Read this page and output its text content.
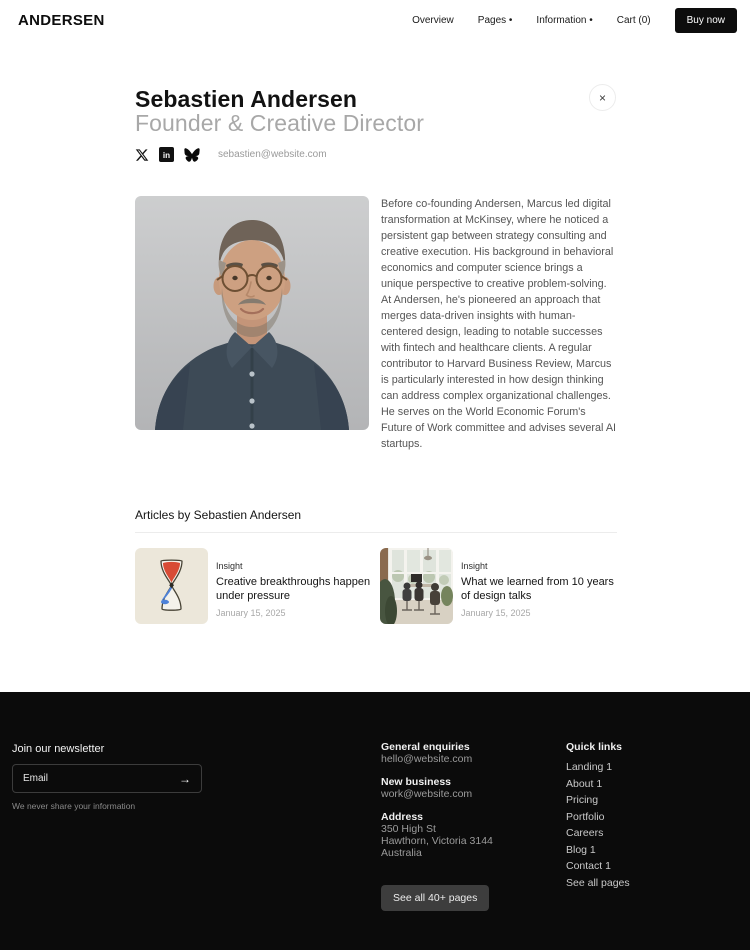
ANDERSEN	Overview Pages • Information • Cart (0)	Buy now
Sebastien Andersen
Founder & Creative Director
×
in	sebastien@website.com

Before co-founding Andersen, Marcus led digital transformation at McKinsey, where he noticed a persistent gap between strategy consulting and creative execution. His background in behavioral economics and computer science brings a unique perspective to creative problem-solving. At Andersen, he's pioneered an approach that merges data-driven insights with human-centered design, leading to notable successes with fintech and healthcare clients. A regular contributor to Harvard Business Review, Marcus is particularly interested in how design thinking can address complex organizational challenges. He serves on the World Economic Forum's Future of Work committee and advises several AI startups.

Articles by Sebastien Andersen
Insight
Creative breakthroughs happen under pressure
January 15, 2025
Insight
What we learned from 10 years of design talks
January 15, 2025
Join our newsletter
Email
→
We never share your information
General enquiries
hello@website.com
New business
work@website.com
Address
350 High St
Hawthorn, Victoria 3144
Australia
See all 40+ pages
Quick links
Landing 1
About 1
Pricing
Portfolio
Careers
Blog 1
Contact 1
See all pages
